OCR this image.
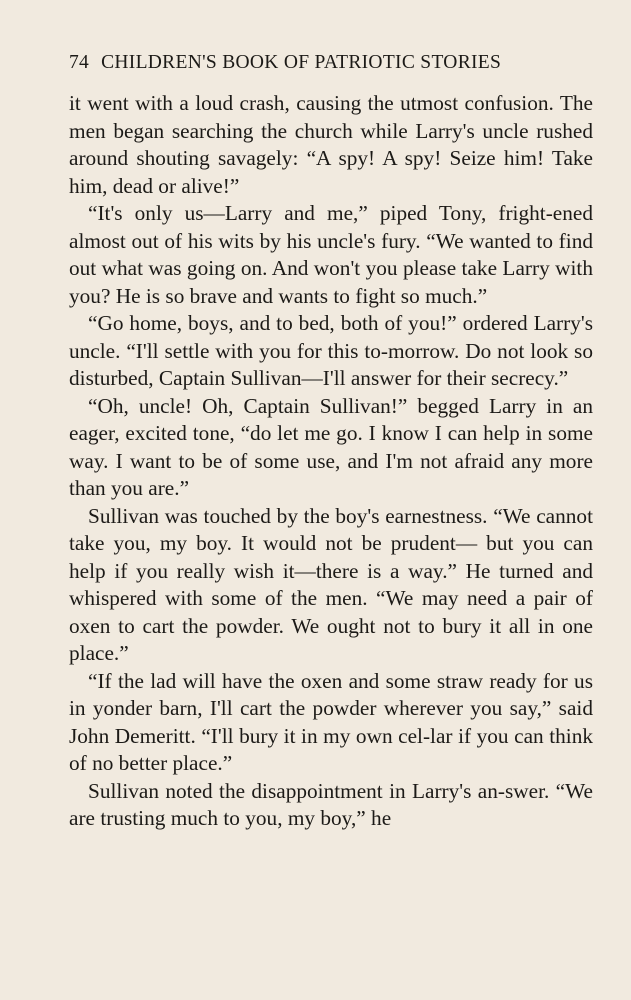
74 CHILDREN'S BOOK OF PATRIOTIC STORIES

it went with a loud crash, causing the utmost confusion. The men began searching the church while Larry's uncle rushed around shouting savagely: “A spy! A spy! Seize him! Take him, dead or alive!”

“It's only us—Larry and me,” piped Tony, fright-ened almost out of his wits by his uncle's fury. “We wanted to find out what was going on. And won't you please take Larry with you? He is so brave and wants to fight so much.”

“Go home, boys, and to bed, both of you!” ordered Larry's uncle. “I'll settle with you for this to-morrow. Do not look so disturbed, Captain Sullivan—I'll answer for their secrecy.”

“Oh, uncle! Oh, Captain Sullivan!” begged Larry in an eager, excited tone, “do let me go. I know I can help in some way. I want to be of some use, and I'm not afraid any more than you are.”

Sullivan was touched by the boy's earnestness. “We cannot take you, my boy. It would not be prudent— but you can help if you really wish it—there is a way.” He turned and whispered with some of the men. “We may need a pair of oxen to cart the powder. We ought not to bury it all in one place.”

“If the lad will have the oxen and some straw ready for us in yonder barn, I'll cart the powder wherever you say,” said John Demeritt. “I'll bury it in my own cel-lar if you can think of no better place.”

Sullivan noted the disappointment in Larry's an-swer. “We are trusting much to you, my boy,” he
